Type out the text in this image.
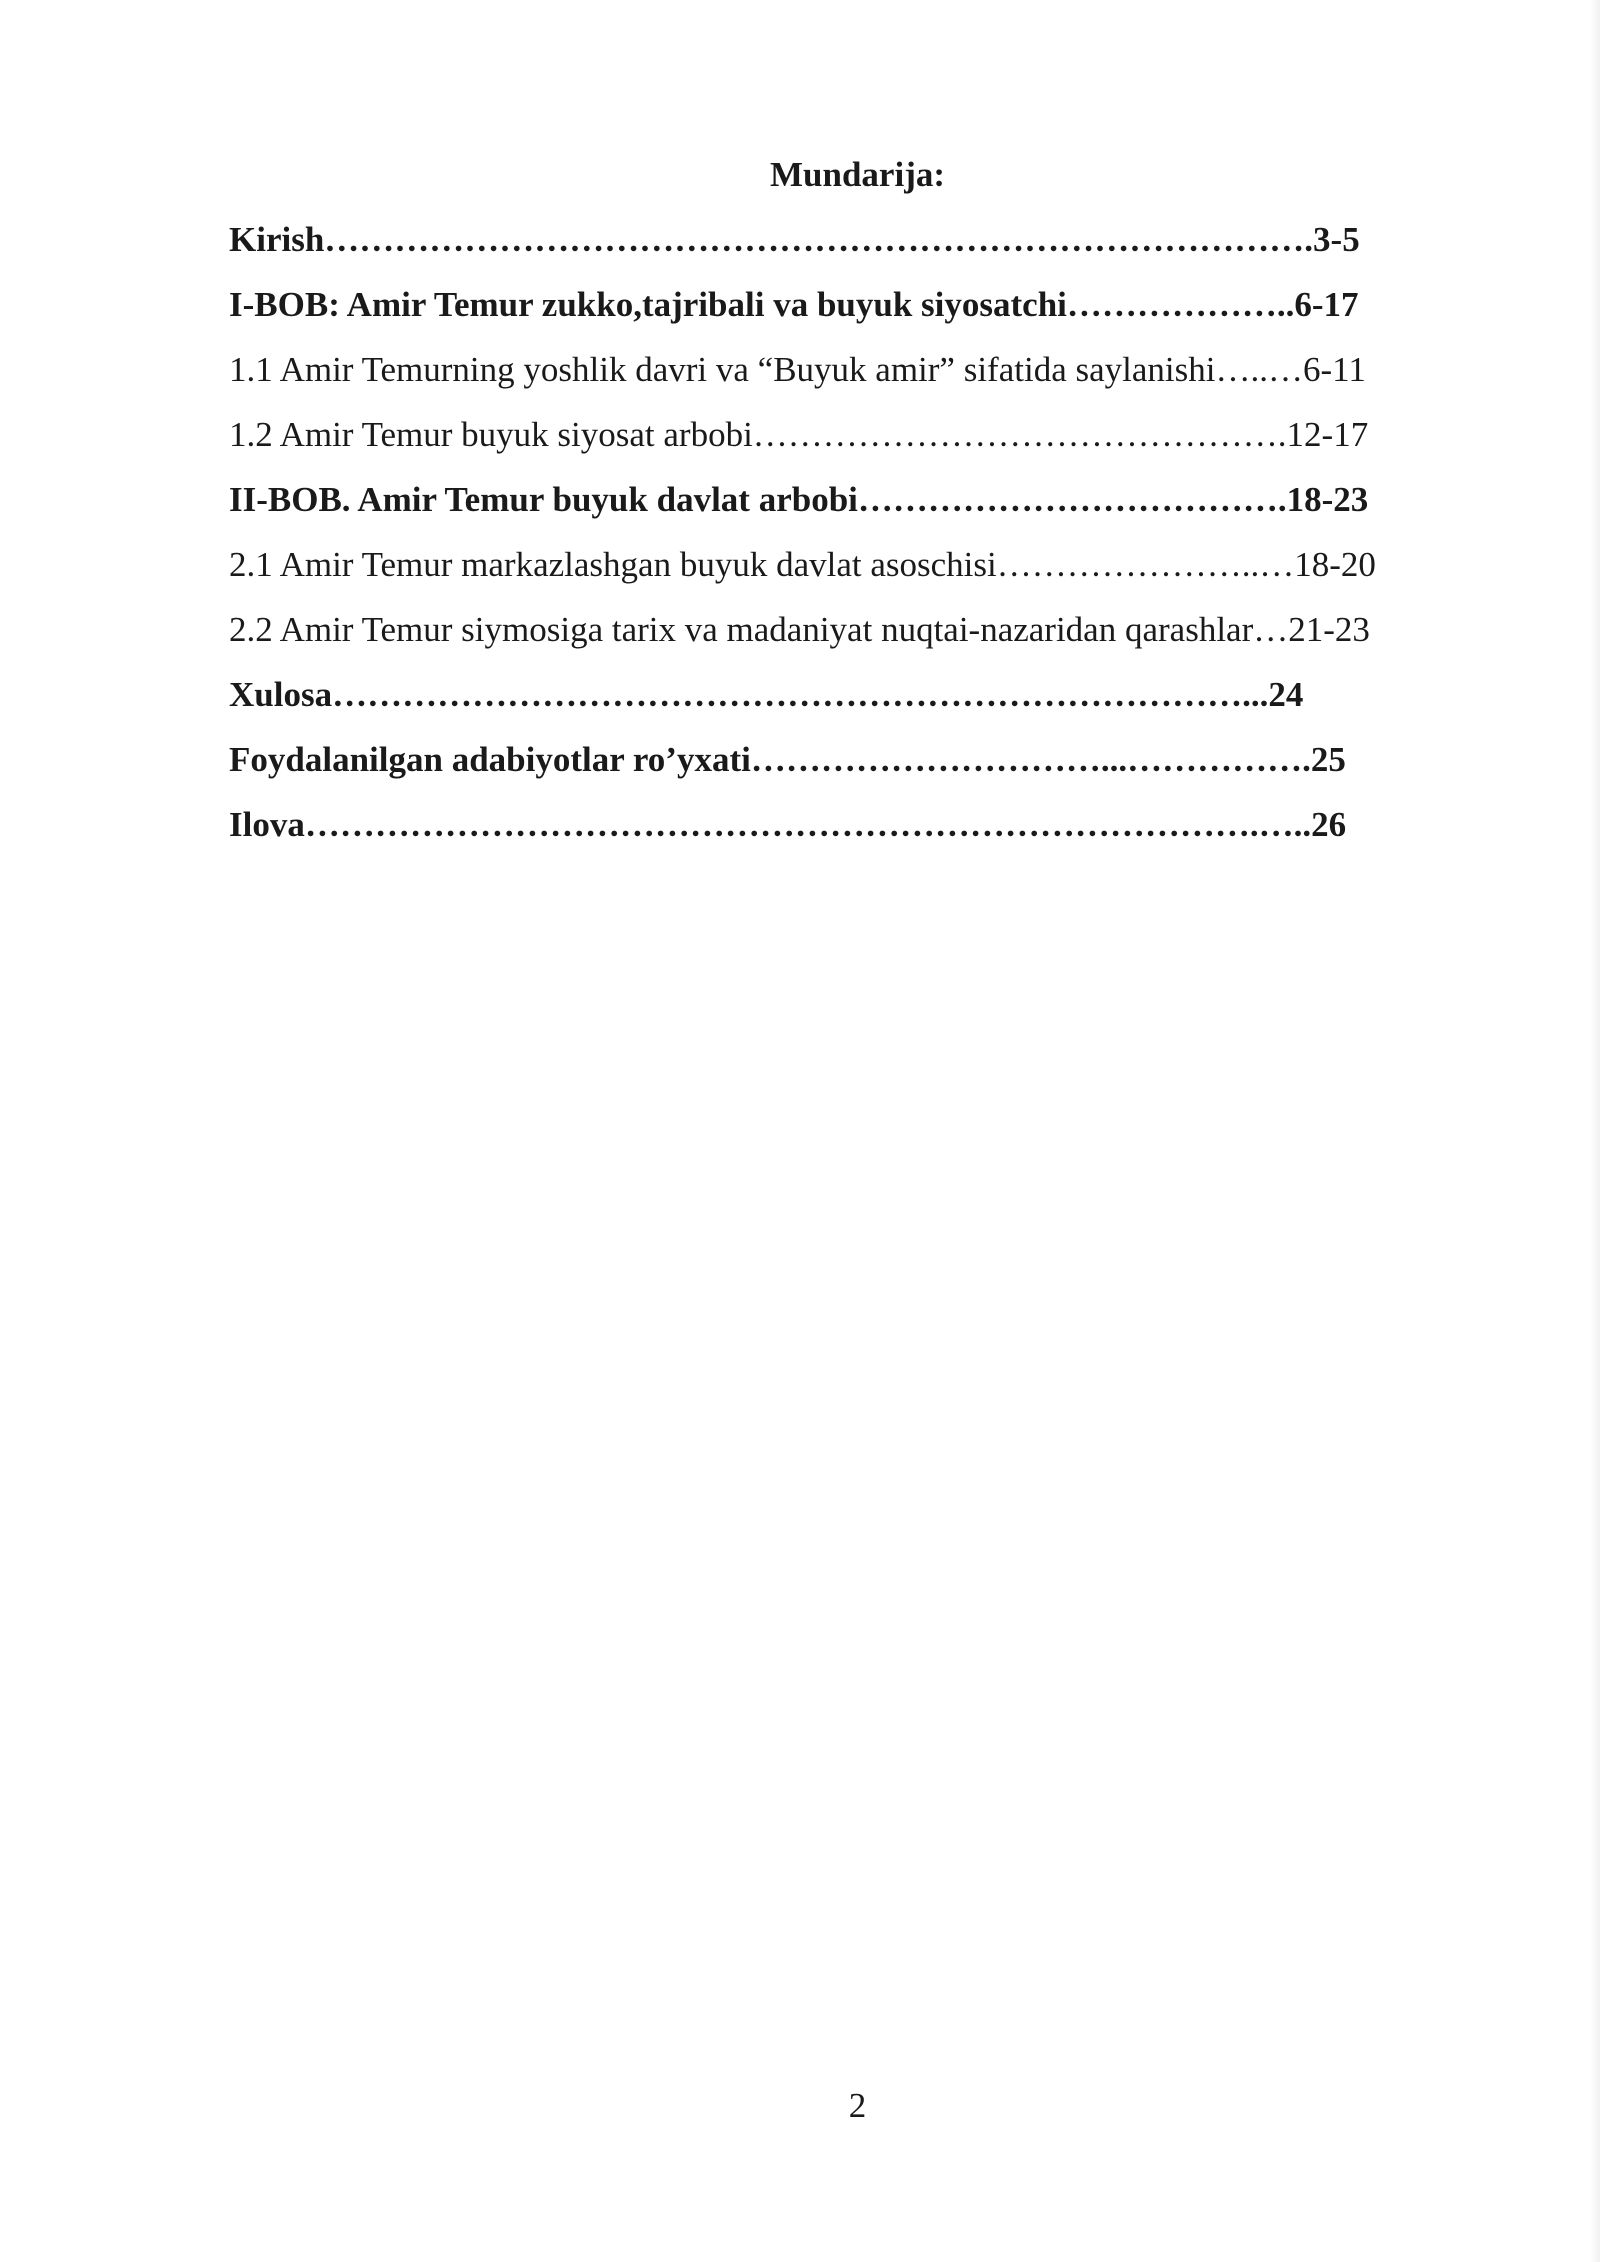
Mundarija:
Kirish………………………………………………………………………….3-5
I-BOB: Amir Temur zukko,tajribali va buyuk siyosatchi………………..6-17
1.1 Amir Temurning yoshlik davri va “Buyuk amir” sifatida saylanishi…..…6-11
1.2 Amir Temur buyuk siyosat arbobi……………………………………….12-17
II-BOB. Amir Temur buyuk davlat arbobi……………………………….18-23
2.1 Amir Temur markazlashgan buyuk davlat asoschisi…………………..…18-20
2.2 Amir Temur siymosiga tarix va madaniyat nuqtai-nazaridan qarashlar…21-23
Xulosa……………………………………………………………………...24
Foydalanilgan adabiyotlar ro’yxati…………………………...…………….25
Ilova……………………………………………………………………….…..26
2
